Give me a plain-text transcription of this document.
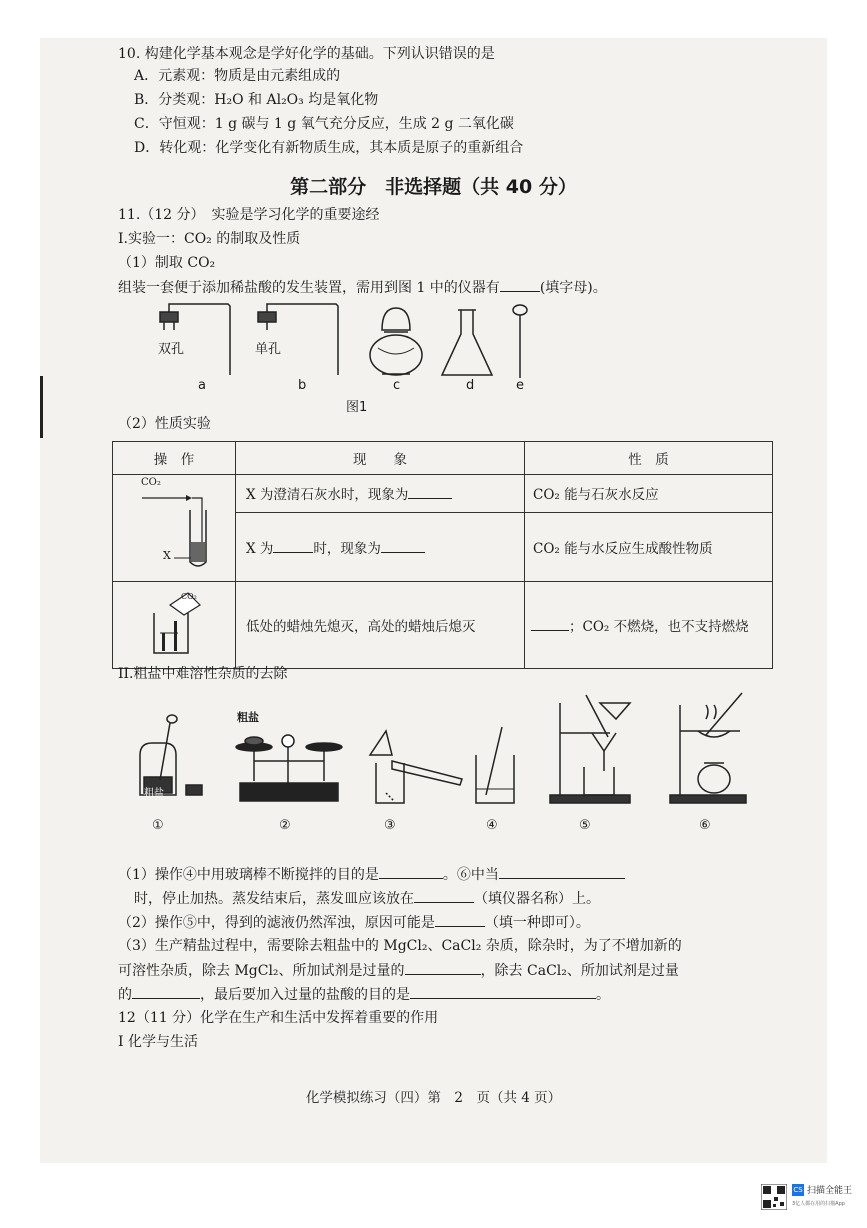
10. 构建化学基本观念是学好化学的基础。下列认识错误的是
A．元素观：物质是由元素组成的
B．分类观：H₂O 和 Al₂O₃ 均是氧化物
C．守恒观：1 g 碳与 1 g 氧气充分反应，生成 2 g 二氧化碳
D．转化观：化学变化有新物质生成，其本质是原子的重新组合
第二部分　非选择题（共 40 分）
11.（12 分）　实验是学习化学的重要途经
I.实验一：CO₂ 的制取及性质
（1）制取 CO₂
组装一套便于添加稀盐酸的发生装置，需用到图 1 中的仪器有	(填字母)。
双孔	单孔
a	b	c	d	e
图1
（2）性质实验
操　作	现　　象	性　质

CO₂
X	X 为澄清石灰水时，现象为	CO₂ 能与石灰水反应
	X 为 时，现象为	CO₂ 能与水反应生成酸性物质

CO₂	低处的蜡烛先熄灭，高处的蜡烛后熄灭	；CO₂ 不燃烧，也不支持燃烧
II.粗盐中难溶性杂质的去除
粗盐
粗盐
①	②	③	④	⑤	⑥
（1）操作④中用玻璃棒不断搅拌的目的是	。⑥中当
时，停止加热。蒸发结束后，蒸发皿应该放在	（填仪器名称）上。
（2）操作⑤中，得到的滤液仍然浑浊，原因可能是	（填一种即可）。
（3）生产精盐过程中，需要除去粗盐中的 MgCl₂、CaCl₂ 杂质，除杂时，为了不增加新的
可溶性杂质，除去 MgCl₂、所加试剂是过量的	，除去 CaCl₂、所加试剂是过量
的	，最后要加入过量的盐酸的目的是	。
12（11 分）化学在生产和生活中发挥着重要的作用
I 化学与生活
化学模拟练习（四）第　2　页（共 4 页）
CS 扫描全能王
3亿人都在用的扫描App
